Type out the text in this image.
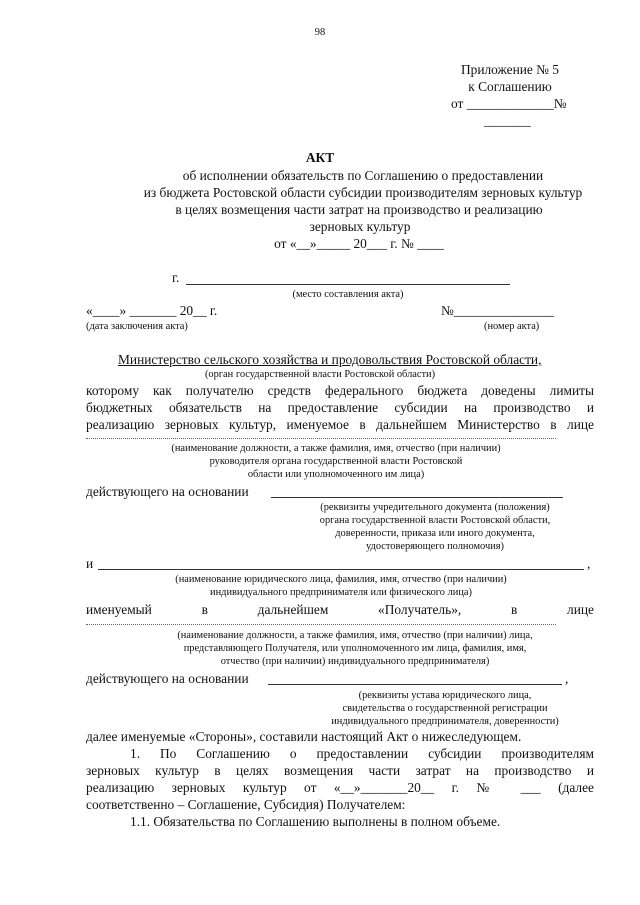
98
Приложение № 5
к Соглашению
от _____________№
_______
АКТ
об исполнении обязательств по Соглашению о предоставлении
из бюджета Ростовской области субсидии производителям зерновых культур
в целях возмещения части затрат на производство и реализацию
зерновых культур
от «__»_____ 20___ г. № ____
г.
(место составления акта)
«____» _______ 20__ г.
(дата заключения акта)
№_______________
(номер акта)
Министерство сельского хозяйства и продовольствия Ростовской области,
(орган государственной власти Ростовской области)
которому как получателю средств федерального бюджета доведены лимиты
бюджетных обязательств на предоставление субсидии на производство и
реализацию зерновых культур, именуемое в дальнейшем Министерство в лице
(наименование должности, а также фамилия, имя, отчество (при наличии)
руководителя органа государственной власти Ростовской
области или уполномоченного им лица)
действующего на основании
(реквизиты учредительного документа (положения)
органа государственной власти Ростовской области,
доверенности, приказа или иного документа,
удостоверяющего полномочия)
и	,
(наименование юридического лица, фамилия, имя, отчество (при наличии)
индивидуального предпринимателя или физического лица)
именуемый	в	дальнейшем	«Получатель»,	в	лице
(наименование должности, а также фамилия, имя, отчество (при наличии) лица,
представляющего Получателя, или уполномоченного им лица, фамилия, имя,
отчество (при наличии) индивидуального предпринимателя)
действующего на основании	,
(реквизиты устава юридического лица,
свидетельства о государственной регистрации
индивидуального предпринимателя, доверенности)
далее именуемые «Стороны», составили настоящий Акт о нижеследующем.
1. По Соглашению о предоставлении субсидии производителям
зерновых культур в целях возмещения части затрат на производство и
реализацию зерновых культур от «__»_______20__ г. № ___ (далее
соответственно – Соглашение, Субсидия) Получателем:
1.1. Обязательства по Соглашению выполнены в полном объеме.
